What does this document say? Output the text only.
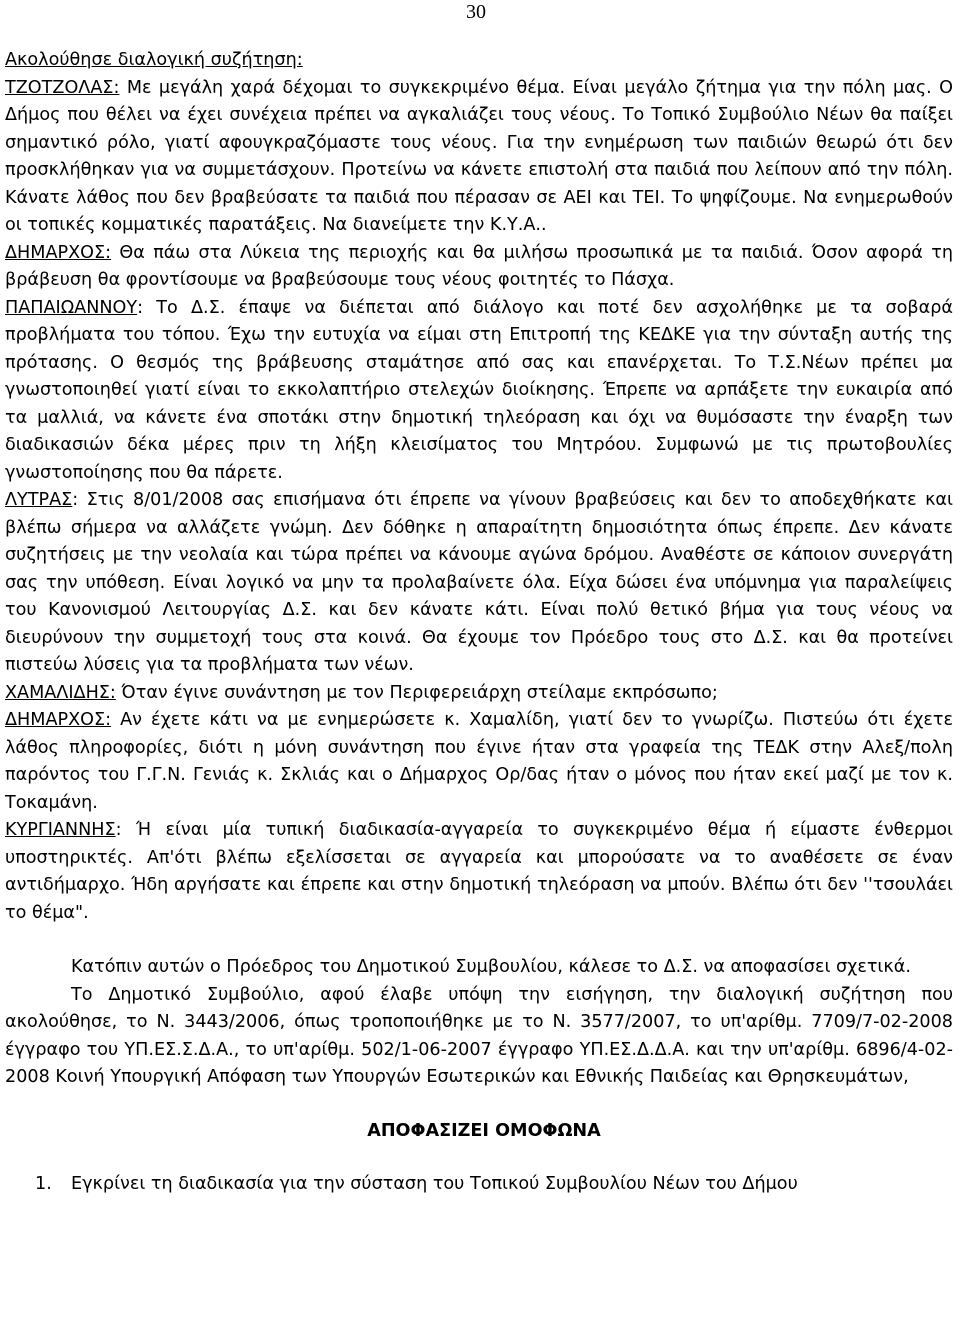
30

Ακολούθησε διαλογική συζήτηση:

ΤΖΟΤΖΟΛΑΣ: Με μεγάλη χαρά δέχομαι το συγκεκριμένο θέμα. Είναι μεγάλο ζήτημα για την πόλη μας. Ο Δήμος που θέλει να έχει συνέχεια πρέπει να αγκαλιάζει τους νέους. Το Τοπικό Συμβούλιο Νέων θα παίξει σημαντικό ρόλο, γιατί αφουγκραζόμαστε τους νέους. Για την ενημέρωση των παιδιών θεωρώ ότι δεν προσκλήθηκαν για να συμμετάσχουν. Προτείνω να κάνετε επιστολή στα παιδιά που λείπουν από την πόλη. Κάνατε λάθος που δεν βραβεύσατε τα παιδιά που πέρασαν σε ΑΕΙ και ΤΕΙ. Το ψηφίζουμε. Να ενημερωθούν οι τοπικές κομματικές παρατάξεις. Να διανείμετε την Κ.Υ.Α..

ΔΗΜΑΡΧΟΣ: Θα πάω στα Λύκεια της περιοχής και θα μιλήσω προσωπικά με τα παιδιά. Όσον αφορά τη βράβευση θα φροντίσουμε να βραβεύσουμε τους νέους φοιτητές το Πάσχα.

ΠΑΠΑΙΩΑΝΝΟΥ: Το Δ.Σ. έπαψε να διέπεται από διάλογο και ποτέ δεν ασχολήθηκε με τα σοβαρά προβλήματα του τόπου. Έχω την ευτυχία να είμαι στη Επιτροπή της ΚΕΔΚΕ για την σύνταξη αυτής της πρότασης. Ο θεσμός της βράβευσης σταμάτησε από σας και επανέρχεται. Το Τ.Σ.Νέων πρέπει μα γνωστοποιηθεί γιατί είναι το εκκολαπτήριο στελεχών διοίκησης. Έπρεπε να αρπάξετε την ευκαιρία από τα μαλλιά, να κάνετε ένα σποτάκι στην δημοτική τηλεόραση και όχι να θυμόσαστε την έναρξη των διαδικασιών δέκα μέρες πριν τη λήξη κλεισίματος του Μητρόου. Συμφωνώ με τις πρωτοβουλίες γνωστοποίησης που θα πάρετε.

ΛΥΤΡΑΣ: Στις 8/01/2008 σας επισήμανα ότι έπρεπε να γίνουν βραβεύσεις και δεν το αποδεχθήκατε και βλέπω σήμερα να αλλάζετε γνώμη. Δεν δόθηκε η απαραίτητη δημοσιότητα όπως έπρεπε. Δεν κάνατε συζητήσεις με την νεολαία και τώρα πρέπει να κάνουμε αγώνα δρόμου. Αναθέστε σε κάποιον συνεργάτη σας την υπόθεση. Είναι λογικό να μην τα προλαβαίνετε όλα. Είχα δώσει ένα υπόμνημα για παραλείψεις του Κανονισμού Λειτουργίας Δ.Σ. και δεν κάνατε κάτι. Είναι πολύ θετικό βήμα για τους νέους να διευρύνουν την συμμετοχή τους στα κοινά. Θα έχουμε τον Πρόεδρο τους στο Δ.Σ. και θα προτείνει πιστεύω λύσεις για τα προβλήματα των νέων.

ΧΑΜΑΛΙΔΗΣ: Όταν έγινε συνάντηση με τον Περιφερειάρχη στείλαμε εκπρόσωπο;

ΔΗΜΑΡΧΟΣ: Αν έχετε κάτι να με ενημερώσετε κ. Χαμαλίδη, γιατί δεν το γνωρίζω. Πιστεύω ότι έχετε λάθος πληροφορίες, διότι η μόνη συνάντηση που έγινε ήταν στα γραφεία της ΤΕΔΚ στην Αλεξ/πολη παρόντος του Γ.Γ.Ν. Γενιάς κ. Σκλιάς και ο Δήμαρχος Ορ/δας ήταν ο μόνος που ήταν εκεί μαζί με τον κ. Τοκαμάνη.

ΚΥΡΓΙΑΝΝΗΣ: Ή είναι μία τυπική διαδικασία-αγγαρεία το συγκεκριμένο θέμα ή είμαστε ένθερμοι υποστηρικτές. Απ'ότι βλέπω εξελίσσεται σε αγγαρεία και μπορούσατε να το αναθέσετε σε έναν αντιδήμαρχο. Ήδη αργήσατε και έπρεπε και στην δημοτική τηλεόραση να μπούν. Βλέπω ότι δεν ''τσουλάει το θέμα".

Κατόπιν αυτών ο Πρόεδρος του Δημοτικού Συμβουλίου, κάλεσε το Δ.Σ. να αποφασίσει σχετικά.

Το Δημοτικό Συμβούλιο, αφού έλαβε υπόψη την εισήγηση, την διαλογική συζήτηση που ακολούθησε, το Ν. 3443/2006, όπως τροποποιήθηκε με το Ν. 3577/2007, το υπ'αρίθμ. 7709/7-02-2008 έγγραφο του ΥΠ.ΕΣ.Σ.Δ.Α., το υπ'αρίθμ. 502/1-06-2007 έγγραφο ΥΠ.ΕΣ.Δ.Δ.Α. και την υπ'αρίθμ. 6896/4-02-2008 Κοινή Υπουργική Απόφαση των Υπουργών Εσωτερικών και Εθνικής Παιδείας και Θρησκευμάτων,

ΑΠΟΦΑΣΙΖΕΙ ΟΜΟΦΩΝΑ

1.	Εγκρίνει τη διαδικασία για την σύσταση του Τοπικού Συμβουλίου Νέων του Δήμου
